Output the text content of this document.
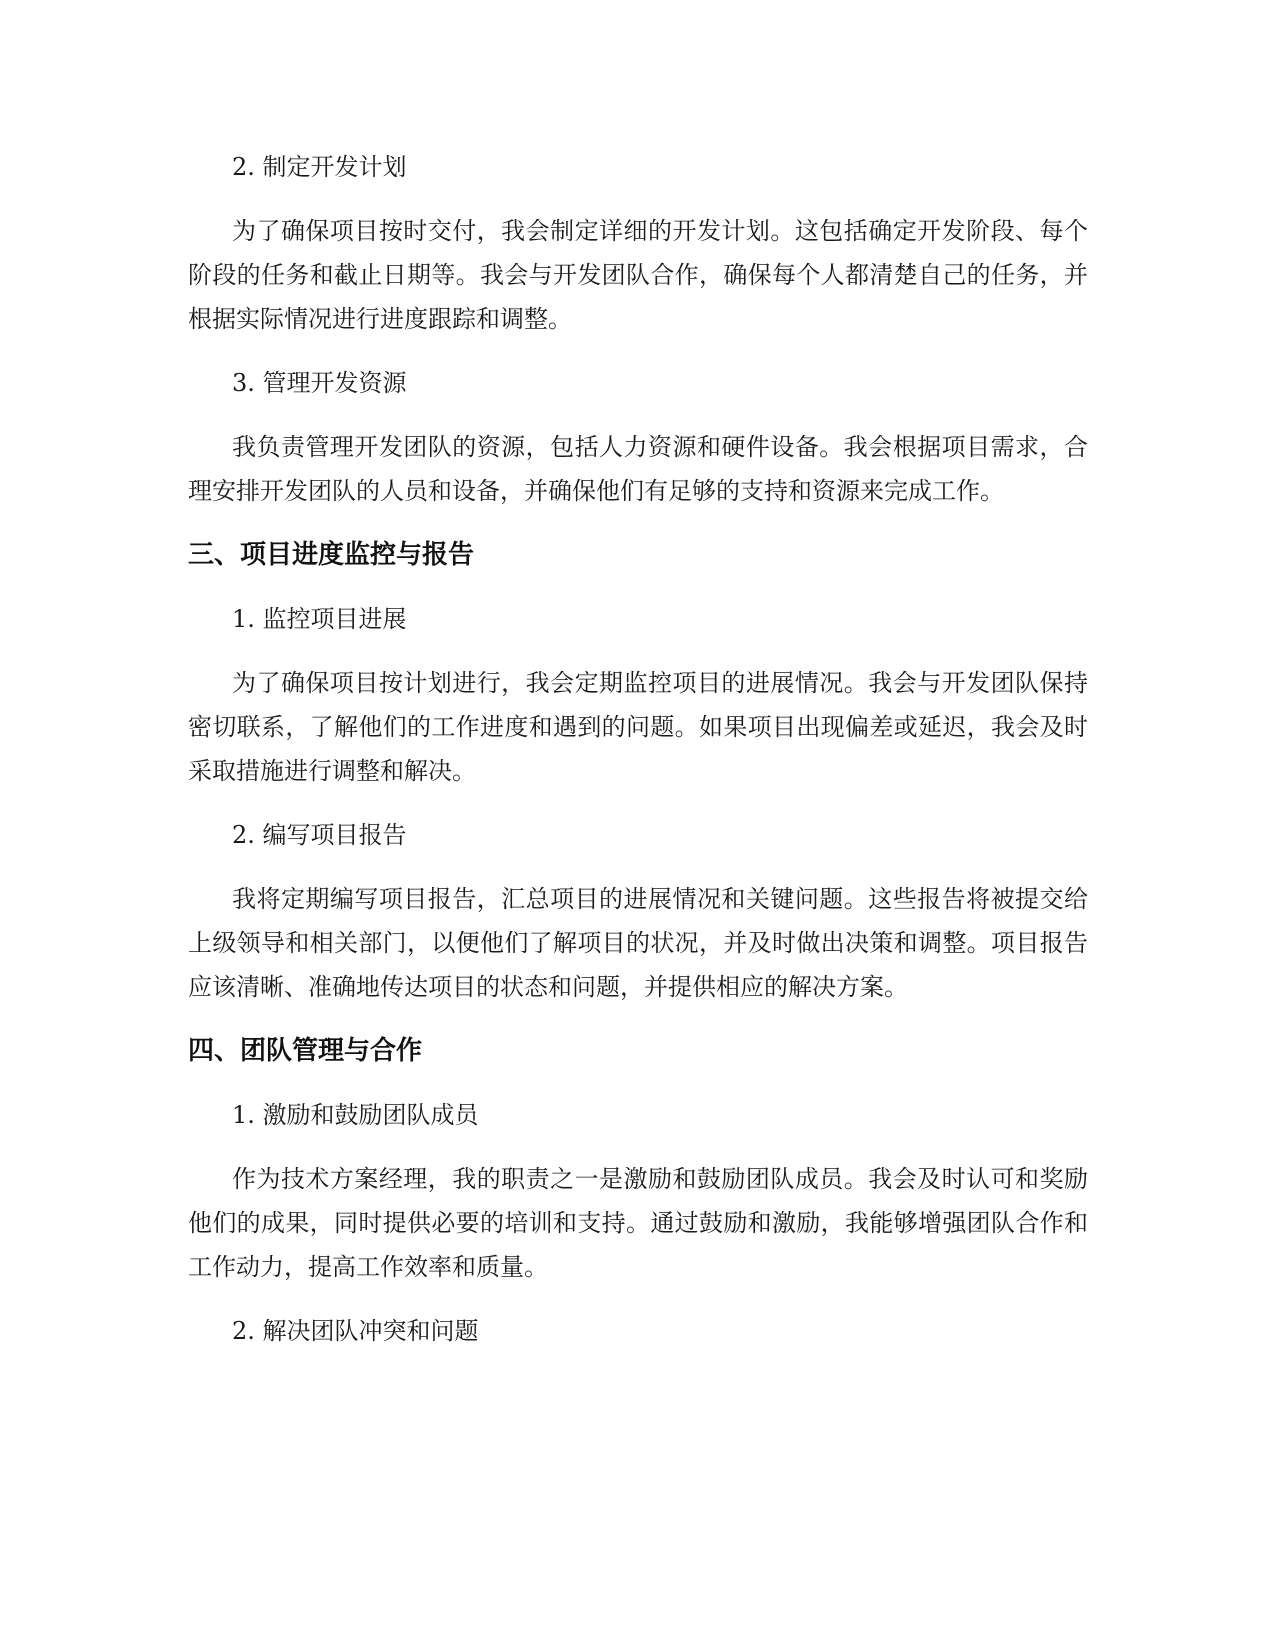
2. 制定开发计划

为了确保项目按时交付，我会制定详细的开发计划。这包括确定开发阶段、每个阶段的任务和截止日期等。我会与开发团队合作，确保每个人都清楚自己的任务，并根据实际情况进行进度跟踪和调整。

3. 管理开发资源

我负责管理开发团队的资源，包括人力资源和硬件设备。我会根据项目需求，合理安排开发团队的人员和设备，并确保他们有足够的支持和资源来完成工作。

三、项目进度监控与报告

1. 监控项目进展

为了确保项目按计划进行，我会定期监控项目的进展情况。我会与开发团队保持密切联系，了解他们的工作进度和遇到的问题。如果项目出现偏差或延迟，我会及时采取措施进行调整和解决。

2. 编写项目报告

我将定期编写项目报告，汇总项目的进展情况和关键问题。这些报告将被提交给上级领导和相关部门，以便他们了解项目的状况，并及时做出决策和调整。项目报告应该清晰、准确地传达项目的状态和问题，并提供相应的解决方案。

四、团队管理与合作

1. 激励和鼓励团队成员

作为技术方案经理，我的职责之一是激励和鼓励团队成员。我会及时认可和奖励他们的成果，同时提供必要的培训和支持。通过鼓励和激励，我能够增强团队合作和工作动力，提高工作效率和质量。

2. 解决团队冲突和问题
